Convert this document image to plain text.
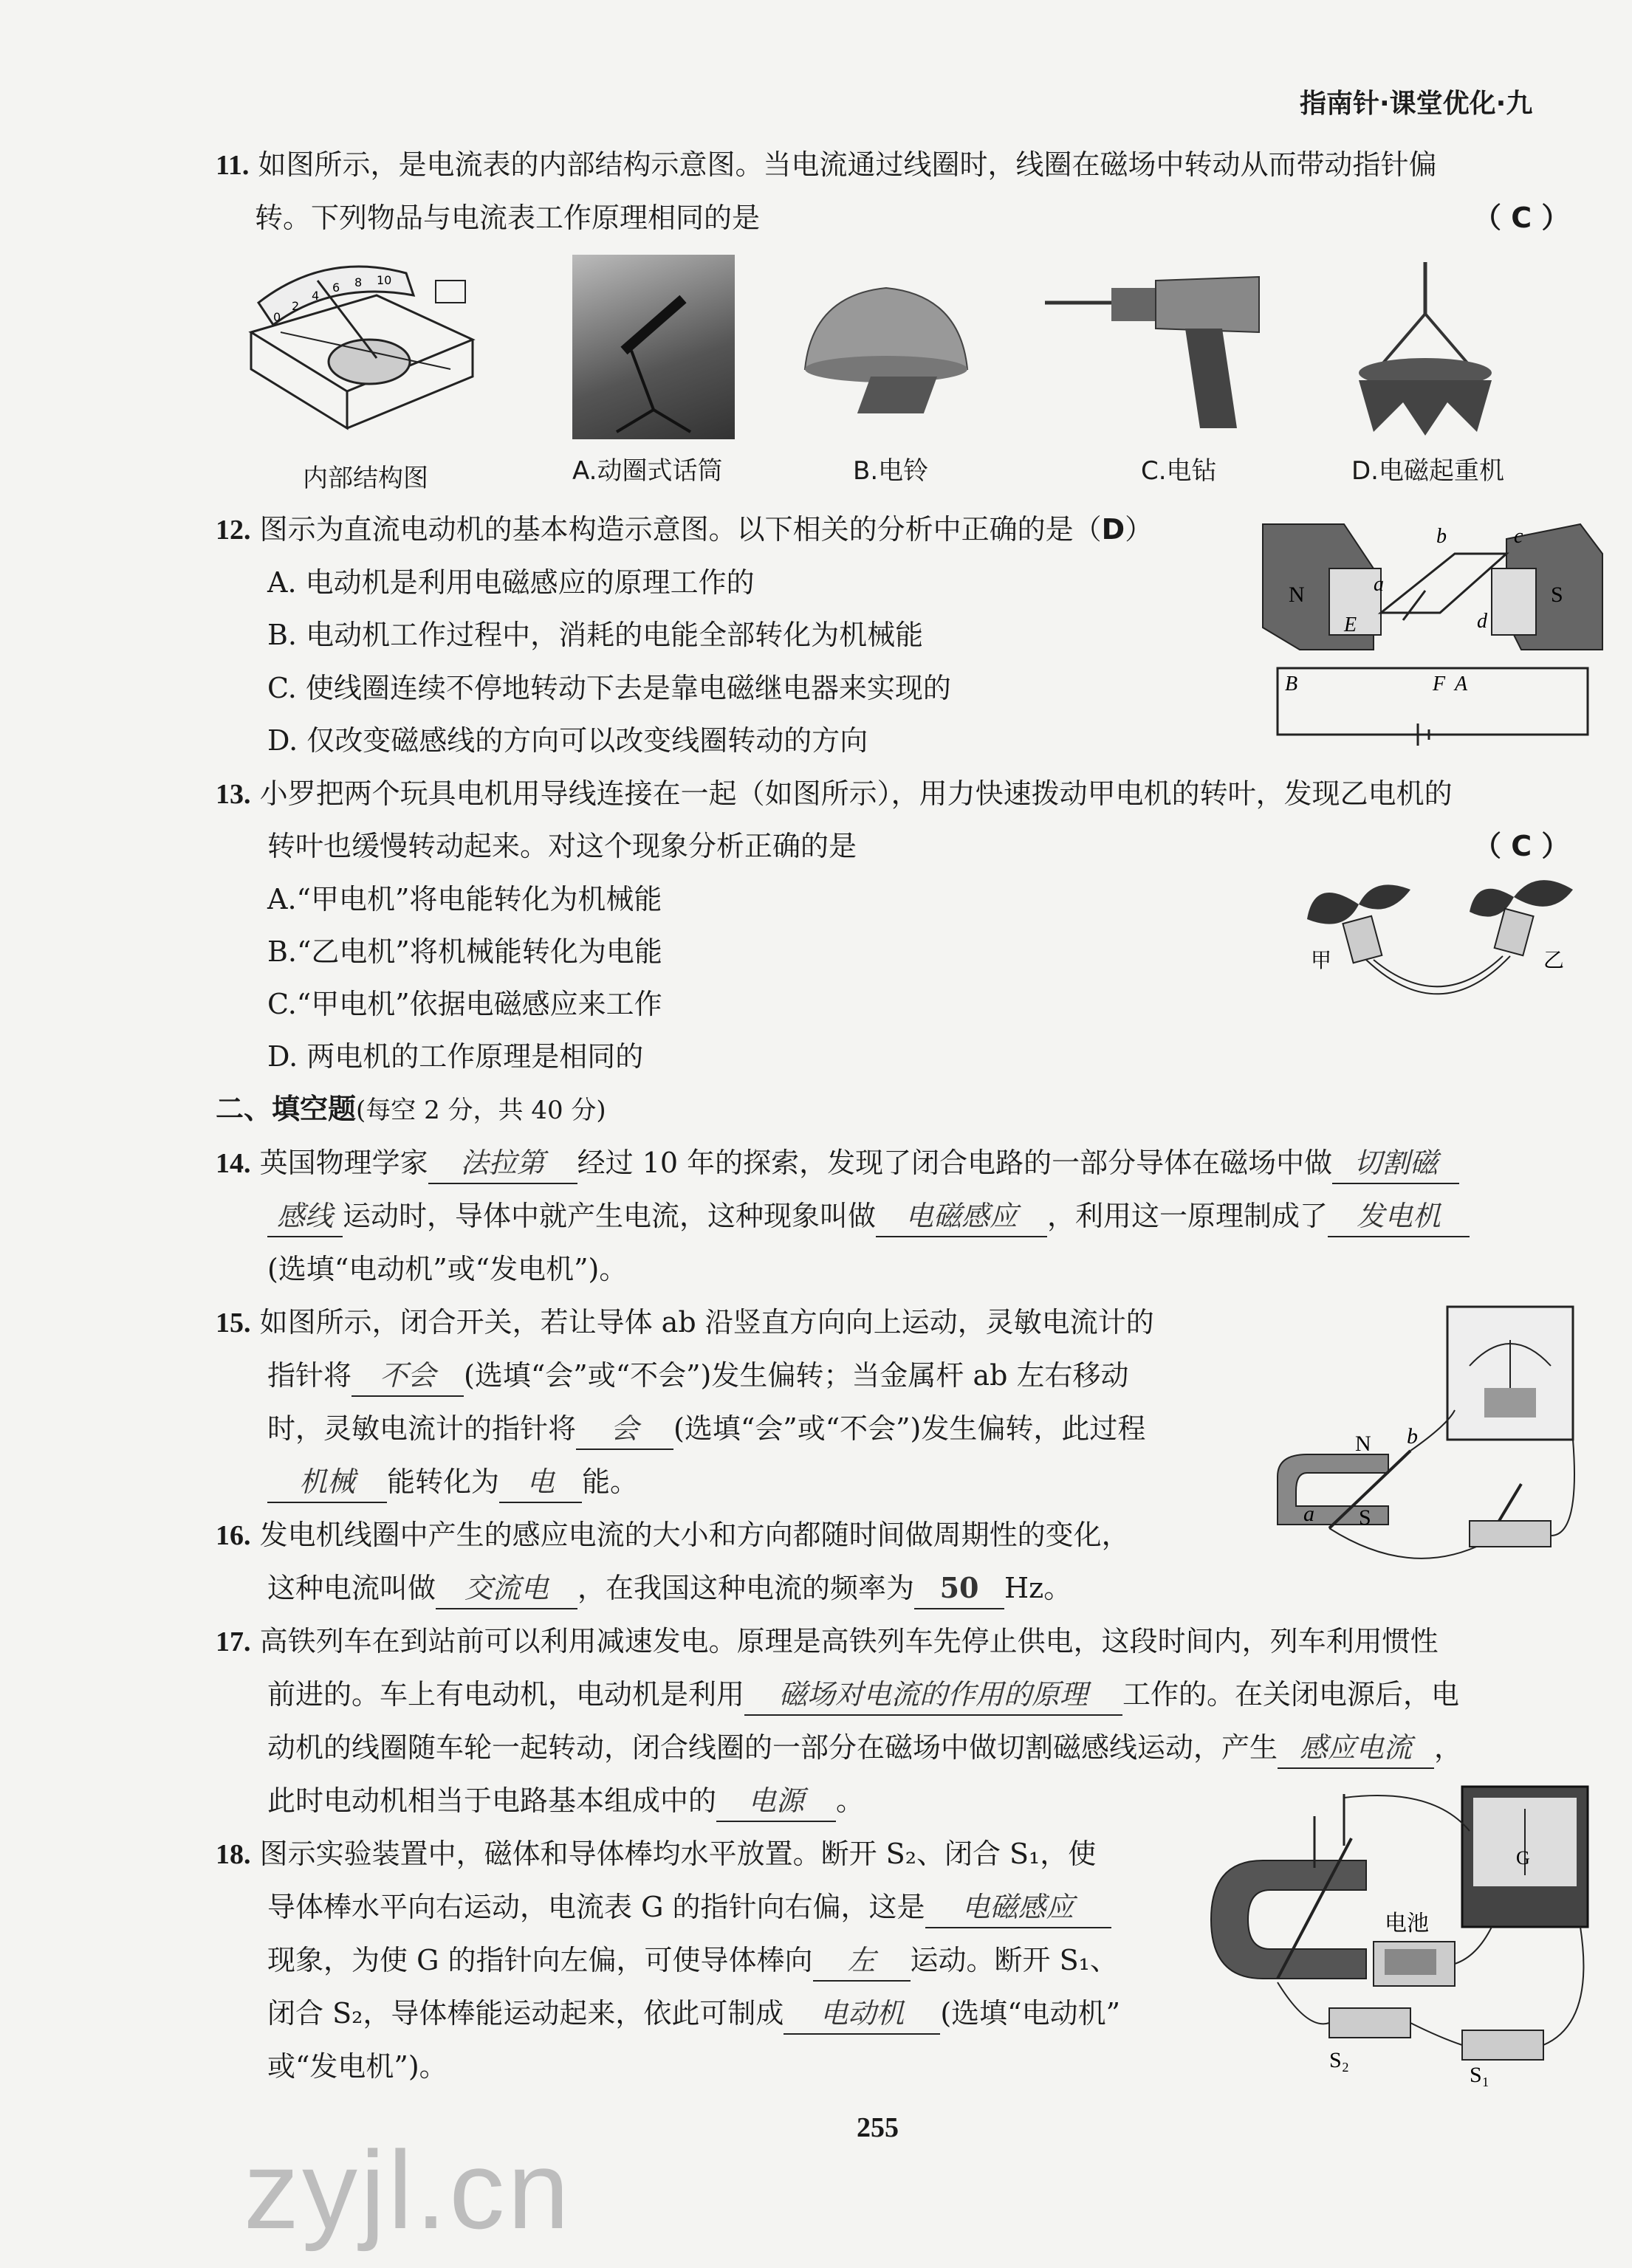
指南针·课堂优化·九
11. 如图所示，是电流表的内部结构示意图。当电流通过线圈时，线圈在磁场中转动从而带动指针偏
转。下列物品与电流表工作原理相同的是	（ C ）
0
2
4
6 8 10
内部结构图	A.动圈式话筒	B.电铃	C.电钻	D.电磁起重机
12. 图示为直流电动机的基本构造示意图。以下相关的分析中正确的是（D）
A. 电动机是利用电磁感应的原理工作的
B. 电动机工作过程中，消耗的电能全部转化为机械能
C. 使线圈连续不停地转动下去是靠电磁继电器来实现的
D. 仅改变磁感线的方向可以改变线圈转动的方向
N	S
a
b	c
d
E
F A
B
13. 小罗把两个玩具电机用导线连接在一起（如图所示），用力快速拨动甲电机的转叶，发现乙电机的
转叶也缓慢转动起来。对这个现象分析正确的是	（ C ）
A.“甲电机”将电能转化为机械能
B.“乙电机”将机械能转化为电能
C.“甲电机”依据电磁感应来工作
D. 两电机的工作原理是相同的
甲	乙
二、填空题(每空 2 分，共 40 分)
14. 英国物理学家 法拉第 经过 10 年的探索，发现了闭合电路的一部分导体在磁场中做 切割磁
感线 运动时，导体中就产生电流，这种现象叫做 电磁感应 ，利用这一原理制成了 发电机
(选填“电动机”或“发电机”)。
15. 如图所示，闭合开关，若让导体 ab 沿竖直方向向上运动，灵敏电流计的
指针将 不会 (选填“会”或“不会”)发生偏转；当金属杆 ab 左右移动
时，灵敏电流计的指针将 会 (选填“会”或“不会”)发生偏转，此过程
机械 能转化为 电 能。
N
S
a
b
16. 发电机线圈中产生的感应电流的大小和方向都随时间做周期性的变化，
这种电流叫做 交流电 ，在我国这种电流的频率为 50 Hz。
17. 高铁列车在到站前可以利用减速发电。原理是高铁列车先停止供电，这段时间内，列车利用惯性
前进的。车上有电动机，电动机是利用 磁场对电流的作用的原理 工作的。在关闭电源后，电
动机的线圈随车轮一起转动，闭合线圈的一部分在磁场中做切割磁感线运动，产生 感应电流 ，
此时电动机相当于电路基本组成中的 电源 。
18. 图示实验装置中，磁体和导体棒均水平放置。断开 S₂、闭合 S₁，使
导体棒水平向右运动，电流表 G 的指针向右偏，这是 电磁感应
现象，为使 G 的指针向左偏，可使导体棒向 左 运动。断开 S₁、
闭合 S₂，导体棒能运动起来，依此可制成 电动机 (选填“电动机”
或“发电机”)。
电池
S₂
S₁
G
255
zyjl.cn
